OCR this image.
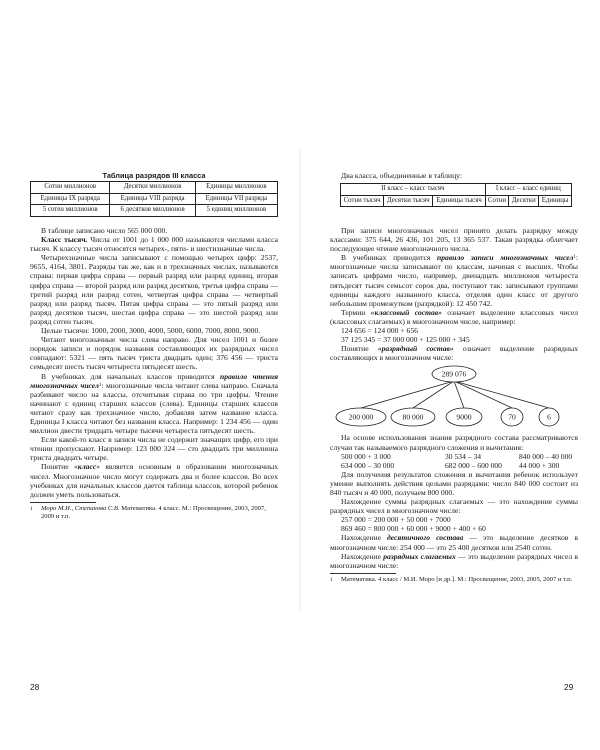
Таблица разрядов III класса
Сотни миллионов	Десятки миллионов	Единицы миллионов
Единицы IX разряда	Единицы VIII разряда	Единицы VII разряда
5 сотен миллионов	6 десятков миллионов	5 единиц миллионов

В таблице записано число 565 000 000.

Класс тысяч. Числа от 1001 до 1 000 000 называются числами класса тысяч. К классу тысяч относятся четырех-, пяти- и шестизначные числа.

Четырехзначные числа записывают с помощью четырех цифр: 2537, 9655, 4164, 3801. Разряды так же, как и в трехзначных числах, называются справа: первая цифра справа — первый разряд или разряд единиц, вторая цифра справа — второй разряд или разряд десятков, третья цифра справа — третий разряд или разряд сотен, четвертая цифра справа — четвертый разряд или разряд тысяч. Пятая цифра справа — это пятый разряд или разряд десятков тысяч, шестая цифра справа — это шестой разряд или разряд сотен тысяч.

Целые тысячи: 1000, 2000, 3000, 4000, 5000, 6000, 7000, 8000, 9000.

Читают многозначные числа слева направо. Для чисел 1001 и более порядок записи и порядок названия составляющих их разрядных чисел совпадают: 5321 — пять тысяч триста двадцать один; 376 456 — триста семьдесят шесть тысяч четыреста пятьдесят шесть.

В учебниках для начальных классов приводится правило чтения многозначных чисел$^1$: многозначные числа читают слева направо. Сначала разбивают число на классы, отсчитывая справа по три цифры. Чтение начинают с единиц старших классов (слева). Единицы старших классов читают сразу как трехзначное число, добавляя затем название класса. Единицы I класса читают без названия класса. Например: 1 234 456 — один миллион двести тридцать четыре тысячи четыреста пятьдесят шесть.

Если какой-то класс в записи числа не содержит значащих цифр, его при чтении пропускают. Например: 123 000 324 — сто двадцать три миллиона триста двадцать четыре.

Понятие «класс» является основным в образовании многозначных чисел. Многозначное число могут содержать два и более классов. Во всех учебниках для начальных классов дается таблица классов, которой ребенок должен уметь пользоваться.

1 Моро М.И., Степанова С.В. Математика. 4 класс. М.: Просвещение, 2003, 2007, 2009 и т.п.
28

Два класса, объединенные в таблицу:

II класс – класс тысяч			I класс – класс единиц		
Сотни тысяч	Десятки тысяч	Единицы тысяч	Сотни	Десятки	Единицы

При записи многозначных чисел принято делать разрядку между классами: 375 644, 26 436, 101 205, 13 365 537. Такая разрядка облегчает последующее чтение многозначного числа.

В учебниках приводится правило записи многозначных чисел$^1$: многозначные числа записывают по классам, начиная с высших. Чтобы записать цифрами число, например, двенадцать миллионов четыреста пятьдесят тысяч семьсот сорок два, поступают так: записывают группами единицы каждого названного класса, отделяя один класс от другого небольшим промежутком (разрядкой): 12 450 742.

Термин «классовый состав» означает выделение классовых чисел (классовых слагаемых) в многозначном числе, например:

124 656 = 124 000 + 656
37 125 345 = 37 000 000 + 125 000 + 345

Понятие «разрядный состав» означает выделение разрядных составляющих в многозначном числе:

289 076
200 000	80 000	9000	70	6

На основе использования знания разрядного состава рассматриваются случаи так называемого разрядного сложения и вычитания:

500 000 + 3 000	30 534 – 34	840 000 – 40 000
634 000 – 30 000	682 000 – 600 000	44 000 + 300

Для получения результатов сложения и вычитания ребенок использует умение выполнять действия целыми разрядами: число 840 000 состоит из 840 тысяч и 40 000, получаем 800 000.

Нахождение суммы разрядных слагаемых — это нахождение суммы разрядных чисел в многозначном числе:

257 000 = 200 000 + 50 000 + 7000
869 460 = 800 000 + 60 000 + 9000 + 400 + 60

Нахождение десятичного состава — это выделение десятков в многозначном числе: 254 000 — это 25 400 десятков или 2540 сотен.

Нахождение разрядных слагаемых — это выделение разрядных чисел в многозначном числе:

1 Математика. 4 класс / М.И. Моро [и др.]. М.: Просвещение, 2003, 2005, 2007 и т.п.
29
